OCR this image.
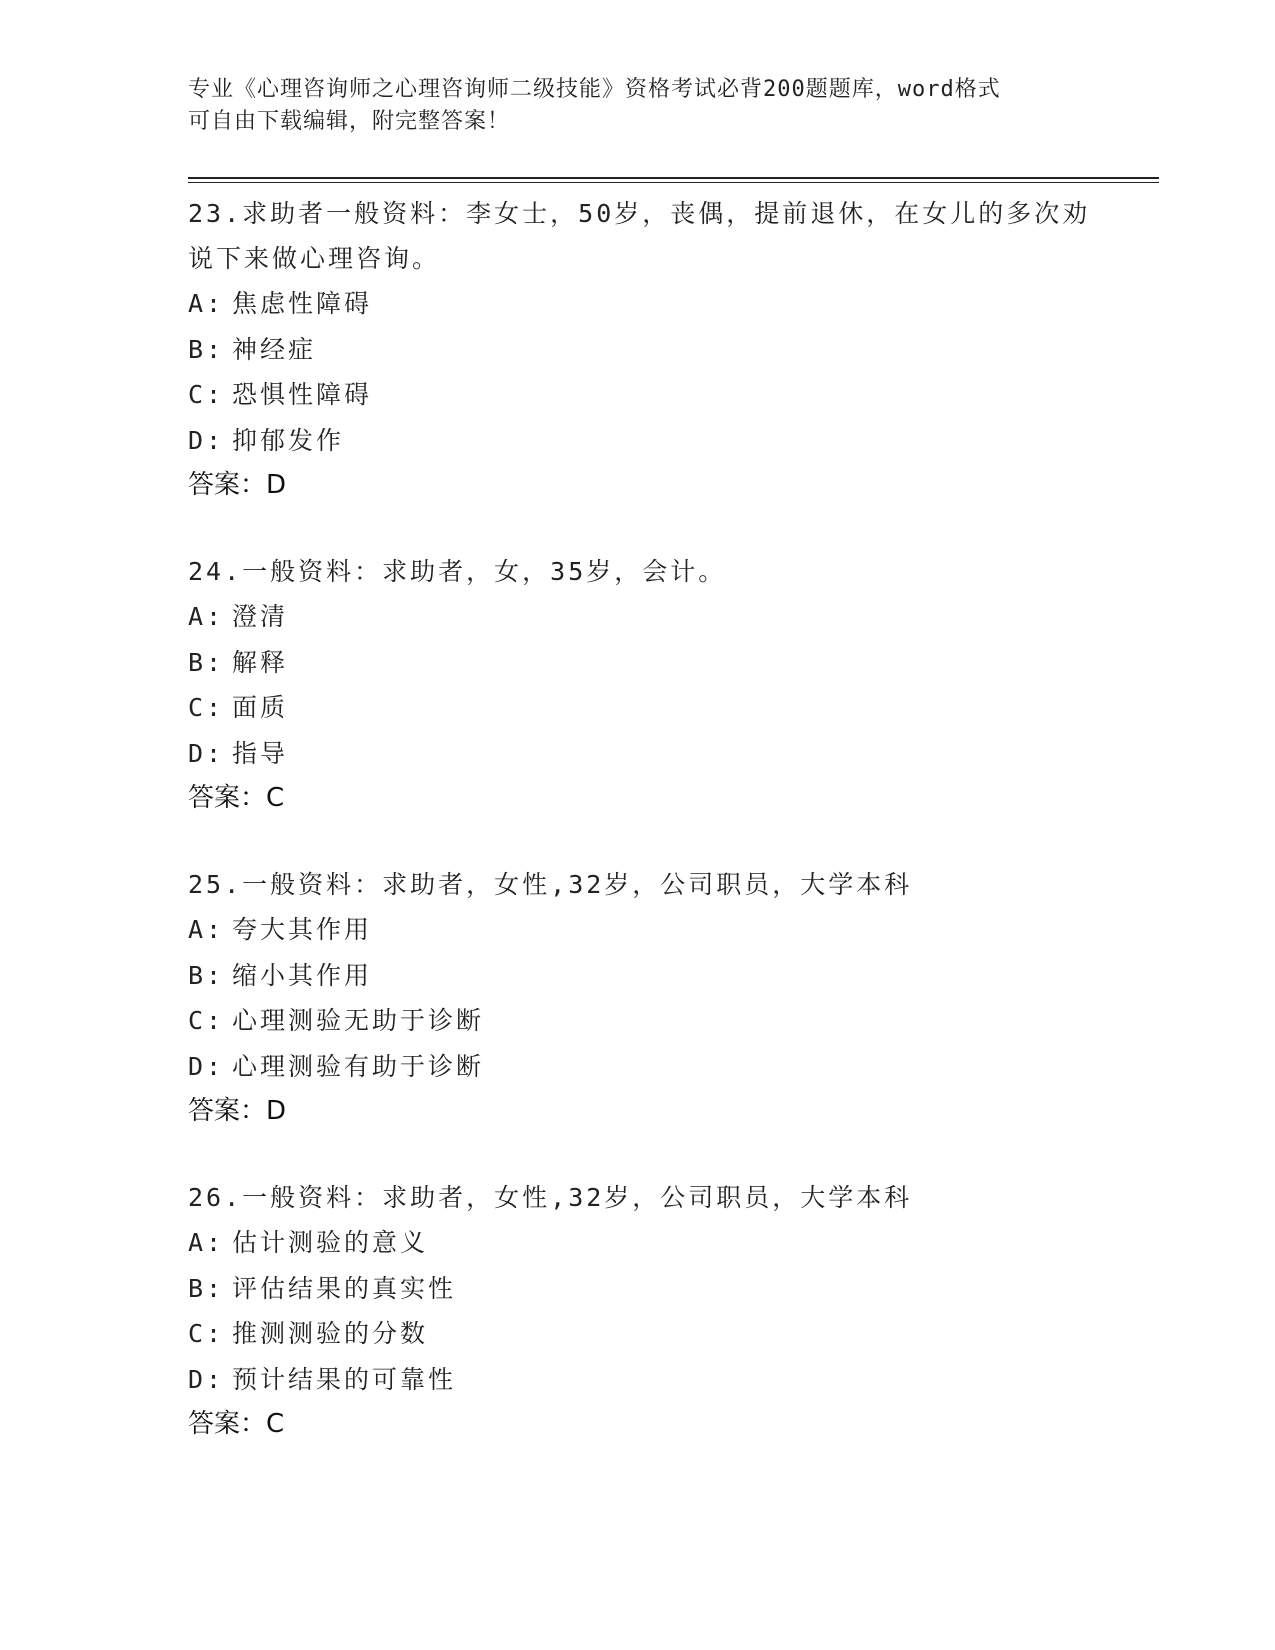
专业《心理咨询师之心理咨询师二级技能》资格考试必背200题题库，word格式
可自由下载编辑，附完整答案！

23.求助者一般资料：李女士，50岁，丧偶，提前退休，在女儿的多次劝说下来做心理咨询。

A: 焦虑性障碍

B: 神经症

C: 恐惧性障碍

D: 抑郁发作

答案：D

24.一般资料：求助者，女，35岁，会计。

A: 澄清

B: 解释

C: 面质

D: 指导

答案：C

25.一般资料：求助者，女性,32岁，公司职员，大学本科

A: 夸大其作用

B: 缩小其作用

C: 心理测验无助于诊断

D: 心理测验有助于诊断

答案：D

26.一般资料：求助者，女性,32岁，公司职员，大学本科

A: 估计测验的意义

B: 评估结果的真实性

C: 推测测验的分数

D: 预计结果的可靠性

答案：C
